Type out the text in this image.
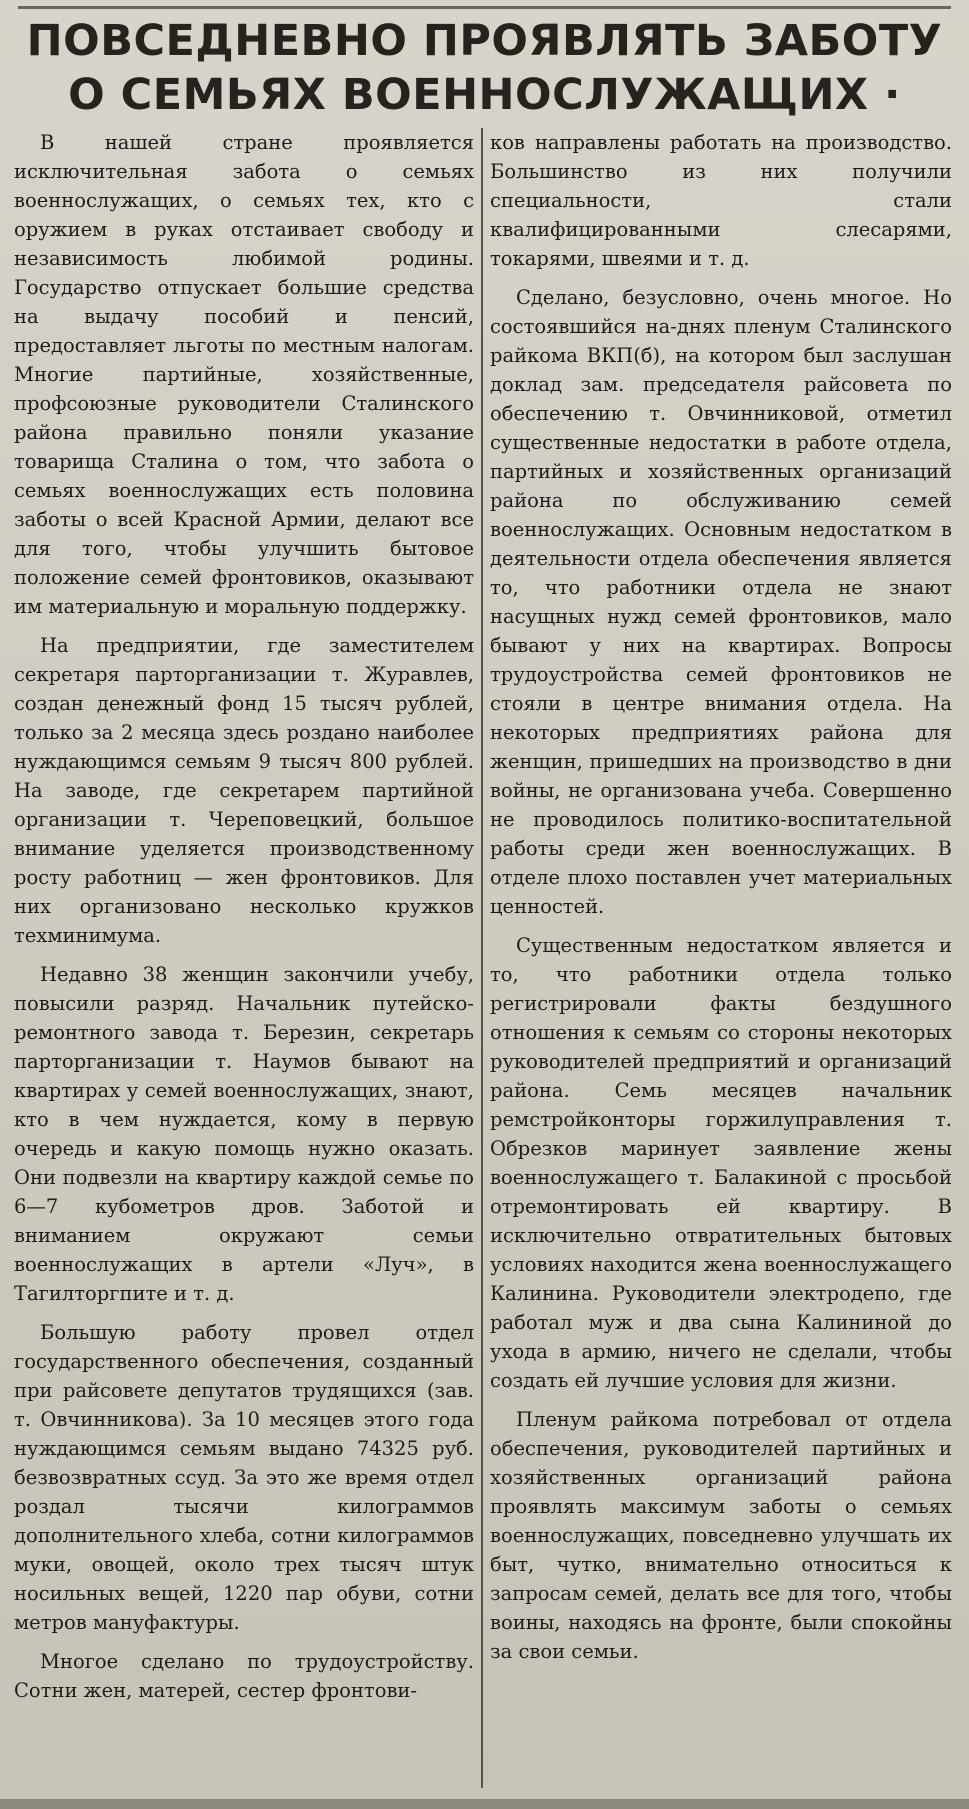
ПОВСЕДНЕВНО ПРОЯВЛЯТЬ ЗАБОТУ
О СЕМЬЯХ ВОЕННОСЛУЖАЩИХ ·

В нашей стране проявляется исключительная забота о семьях военнослужащих, о семьях тех, кто с оружием в руках отстаивает свободу и независимость любимой родины. Государство отпускает большие средства на выдачу пособий и пенсий, предоставляет льготы по местным налогам. Многие партийные, хозяйственные, профсоюзные руководители Сталинского района правильно поняли указание товарища Сталина о том, что забота о семьях военнослужащих есть половина заботы о всей Красной Армии, делают все для того, чтобы улучшить бытовое положение семей фронтовиков, оказывают им материальную и моральную поддержку.

На предприятии, где заместителем секретаря парторганизации т. Журавлев, создан денежный фонд 15 тысяч рублей, только за 2 месяца здесь роздано наиболее нуждающимся семьям 9 тысяч 800 рублей. На заводе, где секретарем партийной организации т. Череповецкий, большое внимание уделяется производственному росту работниц — жен фронтовиков. Для них организовано несколько кружков техминимума.

Недавно 38 женщин закончили учебу, повысили разряд. Начальник путейско-ремонтного завода т. Березин, секретарь парторганизации т. Наумов бывают на квартирах у семей военнослужащих, знают, кто в чем нуждается, кому в первую очередь и какую помощь нужно оказать. Они подвезли на квартиру каждой семье по 6—7 кубометров дров. Заботой и вниманием окружают семьи военнослужащих в артели «Луч», в Тагилторгпите и т. д.

Большую работу провел отдел государственного обеспечения, созданный при райсовете депутатов трудящихся (зав. т. Овчинникова). За 10 месяцев этого года нуждающимся семьям выдано 74325 руб. безвозвратных ссуд. За это же время отдел роздал тысячи килограммов дополнительного хлеба, сотни килограммов муки, овощей, около трех тысяч штук носильных вещей, 1220 пар обуви, сотни метров мануфактуры.

Многое сделано по трудоустройству. Сотни жен, матерей, сестер фронтови-

ков направлены работать на производство. Большинство из них получили специальности, стали квалифицированными слесарями, токарями, швеями и т. д.

Сделано, безусловно, очень многое. Но состоявшийся на-днях пленум Сталинского райкома ВКП(б), на котором был заслушан доклад зам. председателя райсовета по обеспечению т. Овчинниковой, отметил существенные недостатки в работе отдела, партийных и хозяйственных организаций района по обслуживанию семей военнослужащих. Основным недостатком в деятельности отдела обеспечения является то, что работники отдела не знают насущных нужд семей фронтовиков, мало бывают у них на квартирах. Вопросы трудоустройства семей фронтовиков не стояли в центре внимания отдела. На некоторых предприятиях района для женщин, пришедших на производство в дни войны, не организована учеба. Совершенно не проводилось политико-воспитательной работы среди жен военнослужащих. В отделе плохо поставлен учет материальных ценностей.

Существенным недостатком является и то, что работники отдела только регистрировали факты бездушного отношения к семьям со стороны некоторых руководителей предприятий и организаций района. Семь месяцев начальник ремстройконторы горжилуправления т. Обрезков маринует заявление жены военнослужащего т. Балакиной с просьбой отремонтировать ей квартиру. В исключительно отвратительных бытовых условиях находится жена военнослужащего Калинина. Руководители электродепо, где работал муж и два сына Калининой до ухода в армию, ничего не сделали, чтобы создать ей лучшие условия для жизни.

Пленум райкома потребовал от отдела обеспечения, руководителей партийных и хозяйственных организаций района проявлять максимум заботы о семьях военнослужащих, повседневно улучшать их быт, чутко, внимательно относиться к запросам семей, делать все для того, чтобы воины, находясь на фронте, были спокойны за свои семьи.
